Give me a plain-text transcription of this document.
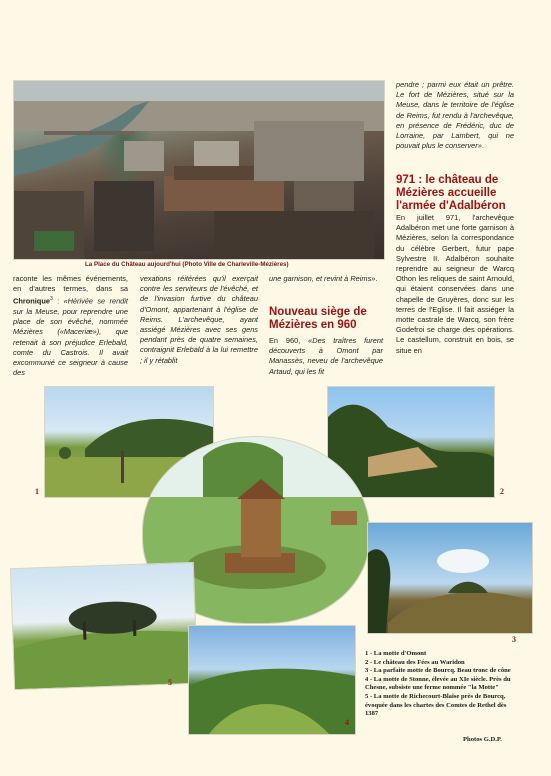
La Place du Château aujourd'hui (Photo Ville de Charleville-Mézières)

raconte les mêmes événements, en d'autres termes, dans sa Chronique$^3$ : «Hérivée se rendit sur la Meuse, pour reprendre une place de son évêché, nommée Mézières («Maceriæ»), que retenait à son préjudice Erlebald, comte du Castrois. Il avait excommunié ce seigneur à cause des

vexations réitérées qu'il exerçait contre les serviteurs de l'évêché, et de l'invasion furtive du château d'Omont, appartenant à l'église de Reims. L'archevêque, ayant assiégé Mézières avec ses gens pendant près de quatre semaines, contraignit Erlebald à la lui remettre ; il y rétablit

une garnison, et revint à Reims».

Nouveau siège de Mézières en 960

En 960, «Des traîtres furent découverts à Omont par Manassès, neveu de l'archevêque Artaud, qui les fit

pendre ; parmi eux était un prêtre. Le fort de Mézières, situé sur la Meuse, dans le territoire de l'église de Reims, fut rendu à l'archevêque, en présence de Frédéric, duc de Lorraine, par Lambert, qui ne pouvait plus le conserver».

971 : le château de Mézières accueille l'armée d'Adalbéron

En juillet 971, l'archevêque Adalbéron met une forte garnison à Mézières, selon la correspondance du célèbre Gerbert, futur pape Sylvestre II. Adalbéron souhaite reprendre au seigneur de Warcq Othon les reliques de saint Arnould, qui étaient conservées dans une chapelle de Gruyères, donc sur les terres de l'Eglise. Il fait assiéger la motte castrale de Warcq, son frère Godefroi se charge des opérations. Le castellum, construit en bois, se situe en

1	2
3
5
4
1 - La motte d'Omont
2 - Le château des Fées au Waridon
3 - La parfaite motte de Bourcq. Beau tronc de cône
4 - La motte de Stonne, élevée au XIe siècle. Près du Chesne, subsiste une ferme nommée "la Motte"
5 - La motte de Richecourt-Blaise près de Bourcq, évoquée dans les chartes des Comtes de Rethel dès 1387
Photos G.D.P.
